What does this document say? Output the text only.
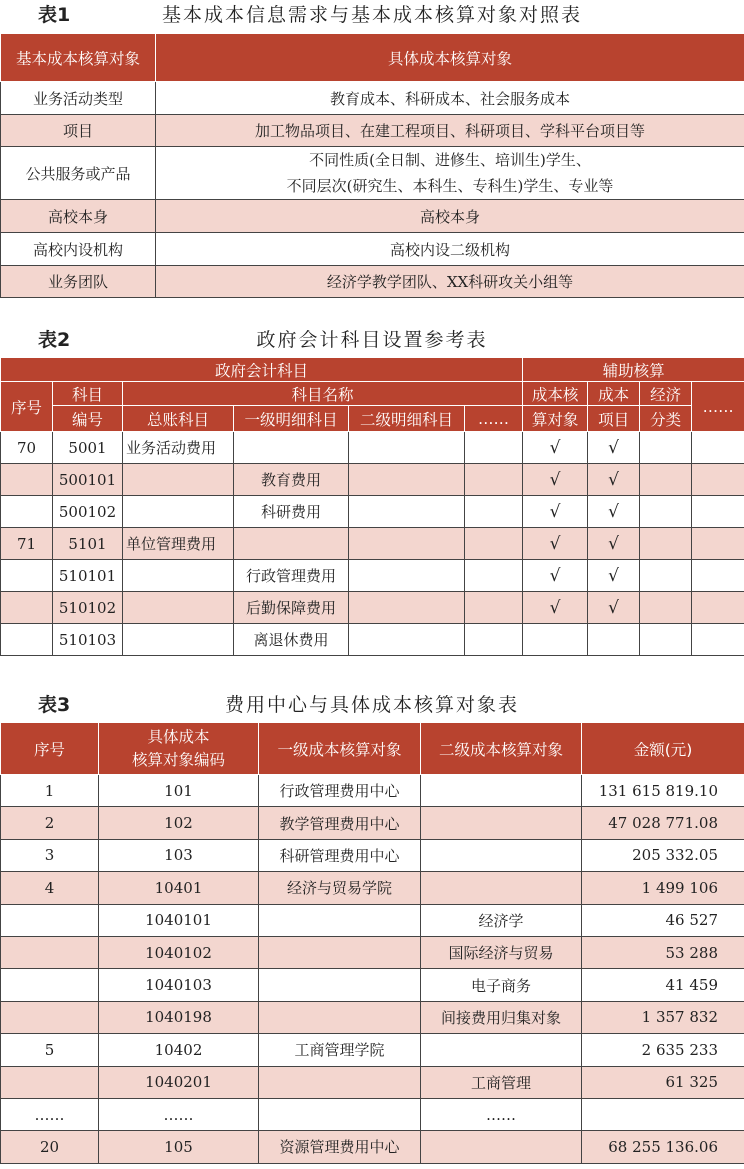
表1	基本成本信息需求与基本成本核算对象对照表
基本成本核算对象	具体成本核算对象
业务活动类型	教育成本、科研成本、社会服务成本
项目	加工物品项目、在建工程项目、科研项目、学科平台项目等
公共服务或产品	不同性质(全日制、进修生、培训生)学生、
不同层次(研究生、本科生、专科生)学生、专业等

高校本身	高校本身
高校内设机构	高校内设二级机构
业务团队	经济学教学团队、XX科研攻关小组等
表2	政府会计科目设置参考表
政府会计科目						辅助核算			
序号	科目	科目名称				成本核	成本	经济	……
	编号	总账科目	一级明细科目	二级明细科目	……	算对象	项目	分类	
70	5001	业务活动费用				√	√		
	500101		教育费用			√	√		
	500102		科研费用			√	√		
71	5101	单位管理费用				√	√		
	510101		行政管理费用			√	√		
	510102		后勤保障费用			√	√		
	510103		离退休费用						
表3	费用中心与具体成本核算对象表
序号	具体成本
核算对象编码	一级成本核算对象	二级成本核算对象	金额(元)
1	101	行政管理费用中心		131 615 819.10
2	102	教学管理费用中心		47 028 771.08
3	103	科研管理费用中心		205 332.05
4	10401	经济与贸易学院		1 499 106
	1040101		经济学	46 527
	1040102		国际经济与贸易	53 288
	1040103		电子商务	41 459
	1040198		间接费用归集对象	1 357 832
5	10402	工商管理学院		2 635 233
	1040201		工商管理	61 325
……	……		……	
20	105	资源管理费用中心		68 255 136.06
